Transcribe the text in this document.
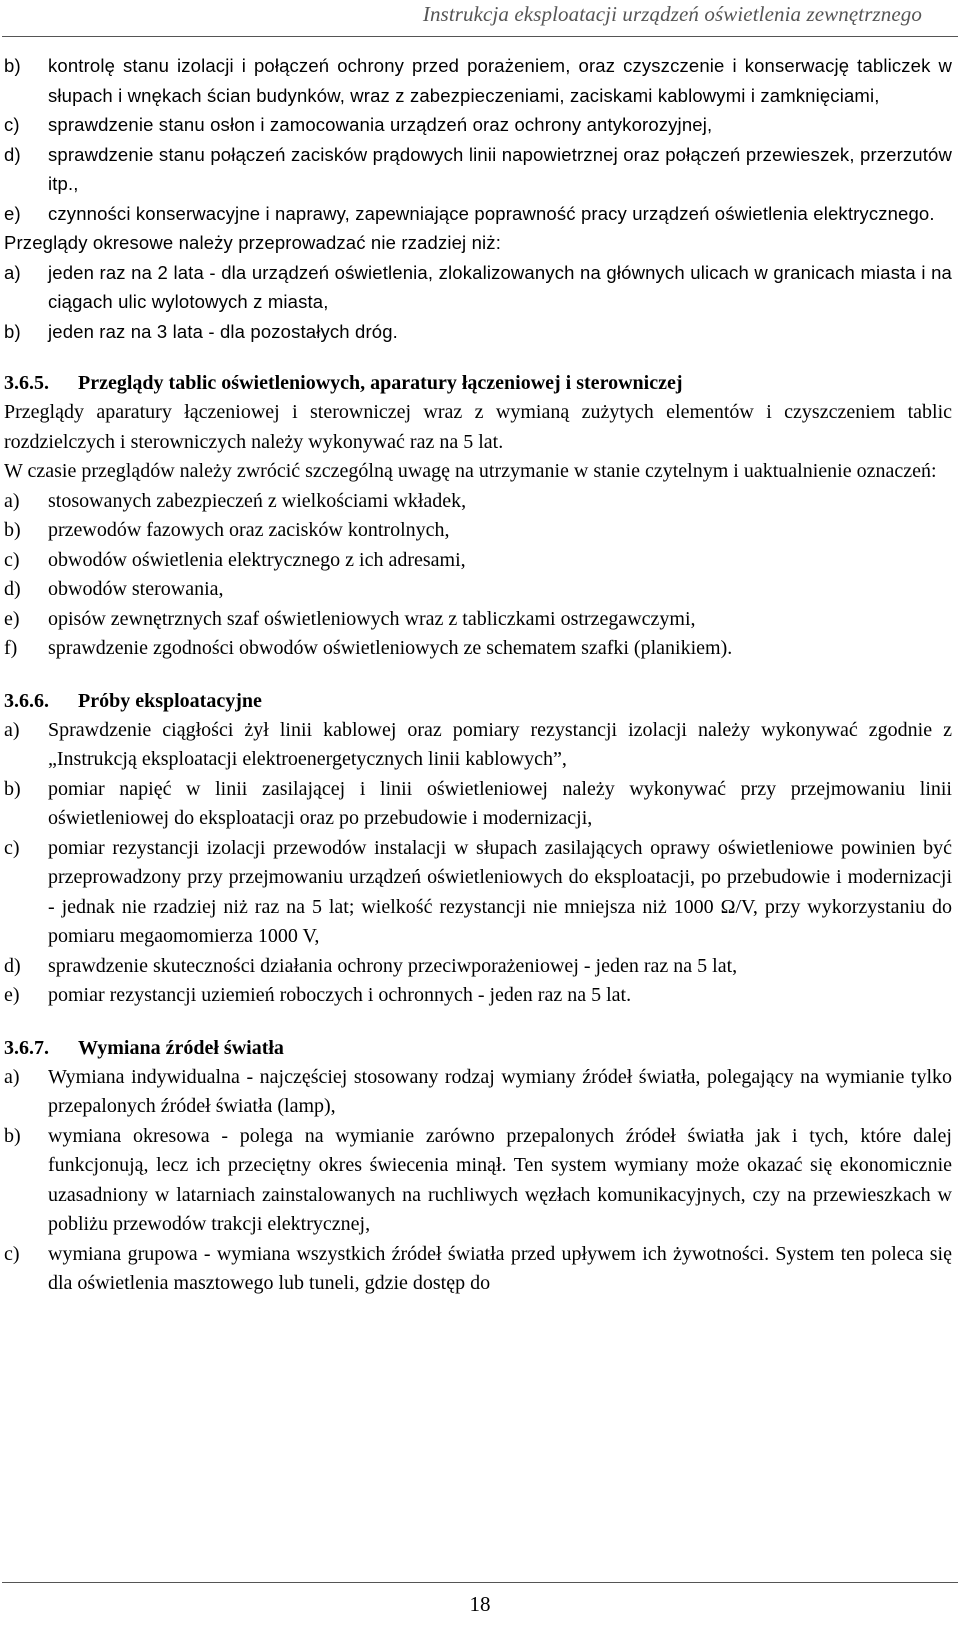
Instrukcja eksploatacji urządzeń oświetlenia zewnętrznego
b) kontrolę stanu izolacji i połączeń ochrony przed porażeniem, oraz czyszczenie i konserwację tabliczek w słupach i wnękach ścian budynków, wraz z zabezpieczeniami, zaciskami kablowymi i zamknięciami,
c) sprawdzenie stanu osłon i zamocowania urządzeń oraz ochrony antykorozyjnej,
d) sprawdzenie stanu połączeń zacisków prądowych linii napowietrznej oraz połączeń przewieszek, przerzutów itp.,
e) czynności konserwacyjne i naprawy, zapewniające poprawność pracy urządzeń oświetlenia elektrycznego.
Przeglądy okresowe należy przeprowadzać nie rzadziej niż:
a) jeden raz na 2 lata - dla urządzeń oświetlenia, zlokalizowanych na głównych ulicach w granicach miasta i na ciągach ulic wylotowych z miasta,
b) jeden raz na 3 lata - dla pozostałych dróg.
3.6.5. Przeglądy tablic oświetleniowych, aparatury łączeniowej i sterowniczej
Przeglądy aparatury łączeniowej i sterowniczej wraz z wymianą zużytych elementów i czyszczeniem tablic rozdzielczych i sterowniczych należy wykonywać raz na 5 lat.
W czasie przeglądów należy zwrócić szczególną uwagę na utrzymanie w stanie czytelnym i uaktualnienie oznaczeń:
a) stosowanych zabezpieczeń z wielkościami wkładek,
b) przewodów fazowych oraz zacisków kontrolnych,
c) obwodów oświetlenia elektrycznego z ich adresami,
d) obwodów sterowania,
e) opisów zewnętrznych szaf oświetleniowych wraz z tabliczkami ostrzegawczymi,
f) sprawdzenie zgodności obwodów oświetleniowych ze schematem szafki (planikiem).
3.6.6. Próby eksploatacyjne
a) Sprawdzenie ciągłości żył linii kablowej oraz pomiary rezystancji izolacji należy wykonywać zgodnie z „Instrukcją eksploatacji elektroenergetycznych linii kablowych”,
b) pomiar napięć w linii zasilającej i linii oświetleniowej należy wykonywać przy przejmowaniu linii oświetleniowej do eksploatacji oraz po przebudowie i modernizacji,
c) pomiar rezystancji izolacji przewodów instalacji w słupach zasilających oprawy oświetleniowe powinien być przeprowadzony przy przejmowaniu urządzeń oświetleniowych do eksploatacji, po przebudowie i modernizacji - jednak nie rzadziej niż raz na 5 lat; wielkość rezystancji nie mniejsza niż 1000 Ω/V, przy wykorzystaniu do pomiaru megaomomierza 1000 V,
d) sprawdzenie skuteczności działania ochrony przeciwporażeniowej - jeden raz na 5 lat,
e) pomiar rezystancji uziemień roboczych i ochronnych - jeden raz na 5 lat.
3.6.7. Wymiana źródeł światła
a) Wymiana indywidualna - najczęściej stosowany rodzaj wymiany źródeł światła, polegający na wymianie tylko przepalonych źródeł światła (lamp),
b) wymiana okresowa - polega na wymianie zarówno przepalonych źródeł światła jak i tych, które dalej funkcjonują, lecz ich przeciętny okres świecenia minął. Ten system wymiany może okazać się ekonomicznie uzasadniony w latarniach zainstalowanych na ruchliwych węzłach komunikacyjnych, czy na przewieszkach w pobliżu przewodów trakcji elektrycznej,
c) wymiana grupowa - wymiana wszystkich źródeł światła przed upływem ich żywotności. System ten poleca się dla oświetlenia masztowego lub tuneli, gdzie dostęp do
18
